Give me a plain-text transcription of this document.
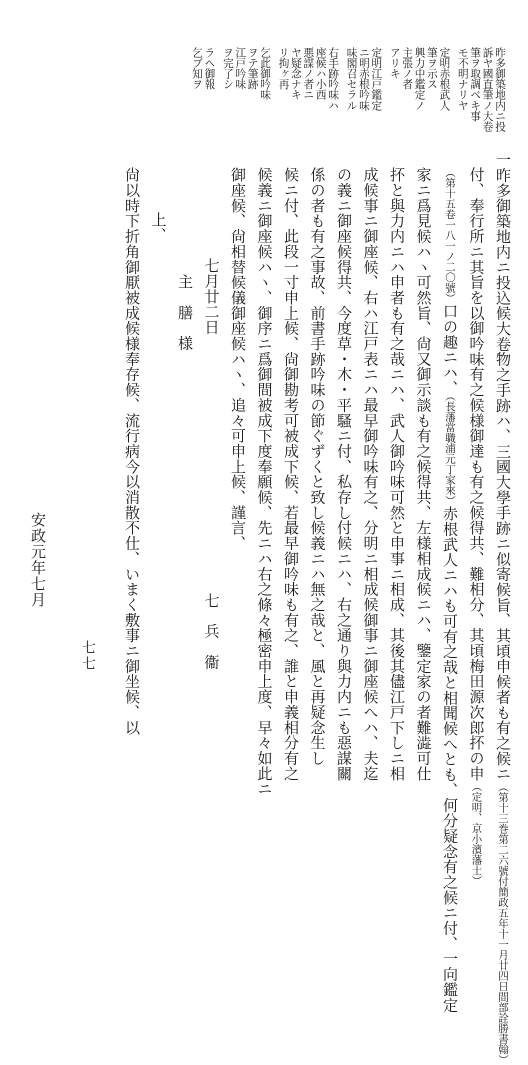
昨多御築地内ニ投
訴ヤ國直筆ノ大卷
筆ヲ取調ベキ事
モ不明ナリヤ
定明赤根武人
筆ヲ示ス
興力中鑑定ノ
主張ノ者
アリキ
定明江戸鑑定
ニ明赤根吟味
味閣召セラル
右手跡吟味ハ
座候ハ小西
悪謀ノ者ニ
ヤ疑念ナキ
リ拘ヶ再
乞此御吟味
ヲテ筆跡
江戸吟味
ヲ完了シ
ラヘ御報
乞ブ知ヲ

一昨多御築地内ニ投込候大卷物之手跡ハ、三國大學手跡ニ似寄候旨、其頃申候者も有之候ニ（第十三巻第二六號付簡政五年十一月廿四日間部詮勝書翰）

付、奉行所ニ其旨を以御吟味有之候様御達も有之候得共、難相分、其頃梅田源次郎抔の申（定明、京小濱藩士）

（第十五卷一八一ノ二〇號）口の趣ニハ、（長藩當職浦元丁家來）赤根武人ニハも可有之哉と相聞候へとも、何分疑念有之候ニ付、一向鑑定

家ニ爲見候ハヽ可然旨、尙又御示談も有之候得共、左様相成候ニハ、鑒定家の者難澁可仕

抔と與力内ニハ申者も有之哉ニハ、武人御吟味可然と申事ニ相成、其後其儘江戸下しニ相

成候事ニ御座候、右ハ江戸表ニハ最早御吟味有之、分明ニ相成候御事ニ御座候へハ、夫迄

の義ニ御座候得共、今度草・木・平騷ニ付、私存し付候ニハ、右之通り與力内ニも惡謀關

係の者も有之事故、前書手跡吟味の節ぐずくと致し候義ニハ無之哉と、風と再疑念生し

候ニ付、此段一寸申上候、尙御勘考可被成下候、若最早御吟味も有之、誰と申義相分有之

候義ニ御座候ハヽ、御序ニ爲御間被成下度奉願候、先ニハ右之條々極密申上度、早々如此ニ

御座候、尙相替候儀御座候ハヽ、追々可申上候、謹言、

七月廿二日七　兵　衞

主　膳　様

上、

尙以時下折角御厭被成候様奉存候、流行病今以消散不仕、いまく敷事ニ御坐候、以

安政元年七月
七七
